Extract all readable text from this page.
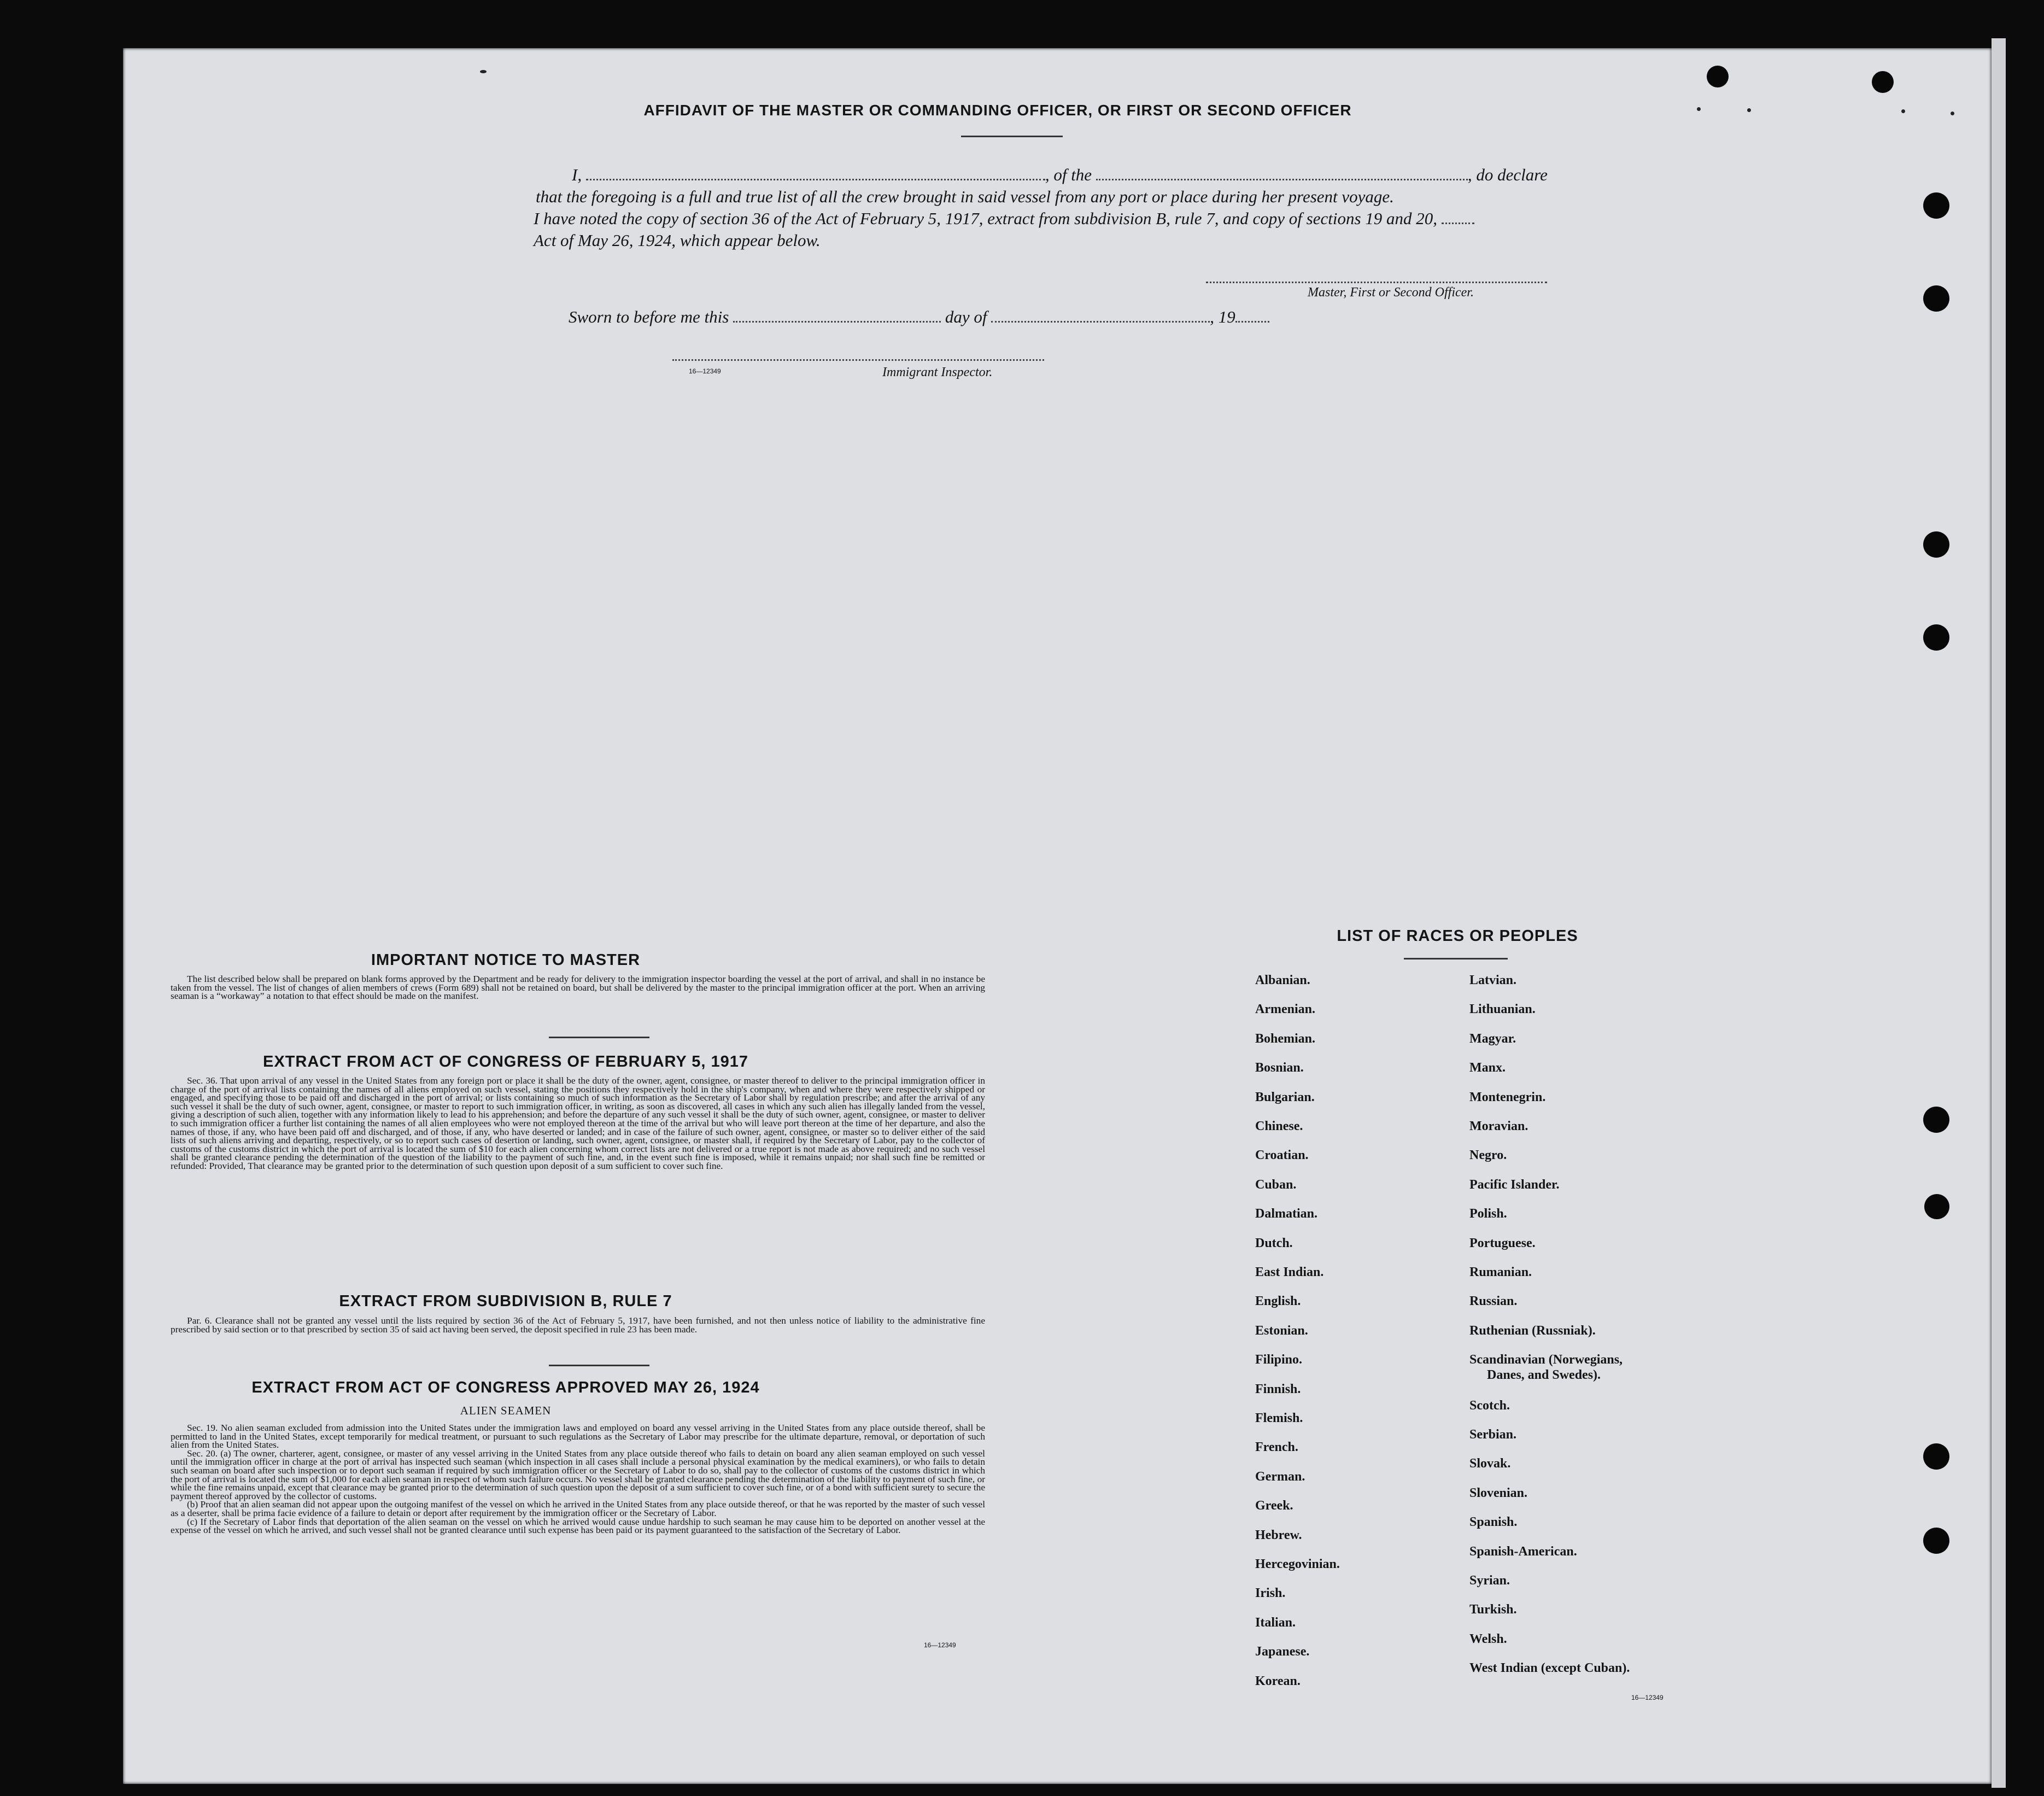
AFFIDAVIT OF THE MASTER OR COMMANDING OFFICER, OR FIRST OR SECOND OFFICER
I,	, of the	, do declare
that the foregoing is a full and true list of all the crew brought in said vessel from any port or place during her present voyage.
I have noted the copy of section 36 of the Act of February 5, 1917, extract from subdivision B, rule 7, and copy of sections 19 and 20,
Act of May 26, 1924, which appear below.
Master, First or Second Officer.
Sworn to before me this	day of	, 19
16—12349	Immigrant Inspector.
IMPORTANT NOTICE TO MASTER

The list described below shall be prepared on blank forms approved by the Department and be ready for delivery to the immigration inspector boarding the vessel at the port of arrival, and shall in no instance be taken from the vessel. The list of changes of alien members of crews (Form 689) shall not be retained on board, but shall be delivered by the master to the principal immigration officer at the port. When an arriving seaman is a “workaway” a notation to that effect should be made on the manifest.

EXTRACT FROM ACT OF CONGRESS OF FEBRUARY 5, 1917

Sec. 36. That upon arrival of any vessel in the United States from any foreign port or place it shall be the duty of the owner, agent, consignee, or master thereof to deliver to the principal immigration officer in charge of the port of arrival lists containing the names of all aliens employed on such vessel, stating the positions they respectively hold in the ship's company, when and where they were respectively shipped or engaged, and specifying those to be paid off and discharged in the port of arrival; or lists containing so much of such information as the Secretary of Labor shall by regulation prescribe; and after the arrival of any such vessel it shall be the duty of such owner, agent, consignee, or master to report to such immigration officer, in writing, as soon as discovered, all cases in which any such alien has illegally landed from the vessel, giving a description of such alien, together with any information likely to lead to his apprehension; and before the departure of any such vessel it shall be the duty of such owner, agent, consignee, or master to deliver to such immigration officer a further list containing the names of all alien employees who were not employed thereon at the time of the arrival but who will leave port thereon at the time of her departure, and also the names of those, if any, who have been paid off and discharged, and of those, if any, who have deserted or landed; and in case of the failure of such owner, agent, consignee, or master so to deliver either of the said lists of such aliens arriving and departing, respectively, or so to report such cases of desertion or landing, such owner, agent, consignee, or master shall, if required by the Secretary of Labor, pay to the collector of customs of the customs district in which the port of arrival is located the sum of $10 for each alien concerning whom correct lists are not delivered or a true report is not made as above required; and no such vessel shall be granted clearance pending the determination of the question of the liability to the payment of such fine, and, in the event such fine is imposed, while it remains unpaid; nor shall such fine be remitted or refunded: Provided, That clearance may be granted prior to the determination of such question upon deposit of a sum sufficient to cover such fine.

EXTRACT FROM SUBDIVISION B, RULE 7

Par. 6. Clearance shall not be granted any vessel until the lists required by section 36 of the Act of February 5, 1917, have been furnished, and not then unless notice of liability to the administrative fine prescribed by said section or to that prescribed by section 35 of said act having been served, the deposit specified in rule 23 has been made.

EXTRACT FROM ACT OF CONGRESS APPROVED MAY 26, 1924
ALIEN SEAMEN

Sec. 19. No alien seaman excluded from admission into the United States under the immigration laws and employed on board any vessel arriving in the United States from any place outside thereof, shall be permitted to land in the United States, except temporarily for medical treatment, or pursuant to such regulations as the Secretary of Labor may prescribe for the ultimate departure, removal, or deportation of such alien from the United States.

Sec. 20. (a) The owner, charterer, agent, consignee, or master of any vessel arriving in the United States from any place outside thereof who fails to detain on board any alien seaman employed on such vessel until the immigration officer in charge at the port of arrival has inspected such seaman (which inspection in all cases shall include a personal physical examination by the medical examiners), or who fails to detain such seaman on board after such inspection or to deport such seaman if required by such immigration officer or the Secretary of Labor to do so, shall pay to the collector of customs of the customs district in which the port of arrival is located the sum of $1,000 for each alien seaman in respect of whom such failure occurs. No vessel shall be granted clearance pending the determination of the liability to payment of such fine, or while the fine remains unpaid, except that clearance may be granted prior to the determination of such question upon the deposit of a sum sufficient to cover such fine, or of a bond with sufficient surety to secure the payment thereof approved by the collector of customs.

(b) Proof that an alien seaman did not appear upon the outgoing manifest of the vessel on which he arrived in the United States from any place outside thereof, or that he was reported by the master of such vessel as a deserter, shall be prima facie evidence of a failure to detain or deport after requirement by the immigration officer or the Secretary of Labor.

(c) If the Secretary of Labor finds that deportation of the alien seaman on the vessel on which he arrived would cause undue hardship to such seaman he may cause him to be deported on another vessel at the expense of the vessel on which he arrived, and such vessel shall not be granted clearance until such expense has been paid or its payment guaranteed to the satisfaction of the Secretary of Labor.

16—12349
LIST OF RACES OR PEOPLES
Albanian.
Armenian.
Bohemian.
Bosnian.
Bulgarian.
Chinese.
Croatian.
Cuban.
Dalmatian.
Dutch.
East Indian.
English.
Estonian.
Filipino.
Finnish.
Flemish.
French.
German.
Greek.
Hebrew.
Hercegovinian.
Irish.
Italian.
Japanese.
Korean.
Latvian.
Lithuanian.
Magyar.
Manx.
Montenegrin.
Moravian.
Negro.
Pacific Islander.
Polish.
Portuguese.
Rumanian.
Russian.
Ruthenian (Russniak).
Scandinavian (Norwegians,
Danes, and Swedes).
Scotch.
Serbian.
Slovak.
Slovenian.
Spanish.
Spanish-American.
Syrian.
Turkish.
Welsh.
West Indian (except Cuban).
16—12349
